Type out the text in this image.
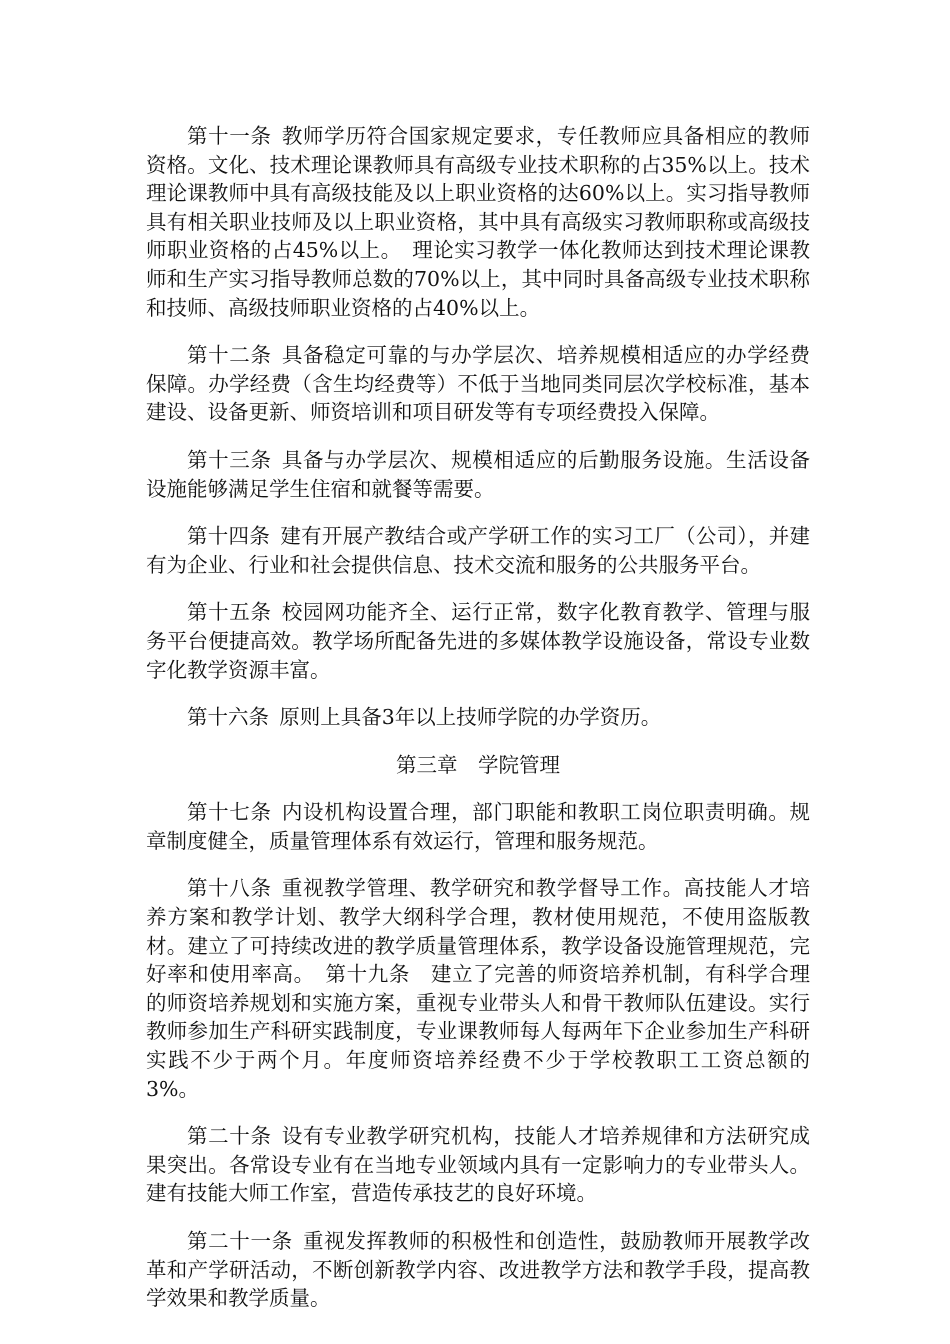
第十一条 教师学历符合国家规定要求，专任教师应具备相应的教师资格。文化、技术理论课教师具有高级专业技术职称的占35%以上。技术理论课教师中具有高级技能及以上职业资格的达60%以上。实习指导教师具有相关职业技师及以上职业资格，其中具有高级实习教师职称或高级技师职业资格的占45%以上。　理论实习教学一体化教师达到技术理论课教师和生产实习指导教师总数的70%以上，其中同时具备高级专业技术职称和技师、高级技师职业资格的占40%以上。

第十二条 具备稳定可靠的与办学层次、培养规模相适应的办学经费保障。办学经费（含生均经费等）不低于当地同类同层次学校标准，基本建设、设备更新、师资培训和项目研发等有专项经费投入保障。

第十三条 具备与办学层次、规模相适应的后勤服务设施。生活设备设施能够满足学生住宿和就餐等需要。

第十四条 建有开展产教结合或产学研工作的实习工厂（公司），并建有为企业、行业和社会提供信息、技术交流和服务的公共服务平台。

第十五条 校园网功能齐全、运行正常，数字化教育教学、管理与服务平台便捷高效。教学场所配备先进的多媒体教学设施设备，常设专业数字化教学资源丰富。

第十六条 原则上具备3年以上技师学院的办学资历。

第三章　学院管理

第十七条 内设机构设置合理，部门职能和教职工岗位职责明确。规章制度健全，质量管理体系有效运行，管理和服务规范。

第十八条 重视教学管理、教学研究和教学督导工作。高技能人才培养方案和教学计划、教学大纲科学合理，教材使用规范，不使用盗版教材。建立了可持续改进的教学质量管理体系，教学设备设施管理规范，完好率和使用率高。　第十九条　建立了完善的师资培养机制，有科学合理的师资培养规划和实施方案，重视专业带头人和骨干教师队伍建设。实行教师参加生产科研实践制度，专业课教师每人每两年下企业参加生产科研实践不少于两个月。年度师资培养经费不少于学校教职工工资总额的3%。

第二十条 设有专业教学研究机构，技能人才培养规律和方法研究成果突出。各常设专业有在当地专业领域内具有一定影响力的专业带头人。建有技能大师工作室，营造传承技艺的良好环境。

第二十一条 重视发挥教师的积极性和创造性，鼓励教师开展教学改革和产学研活动，不断创新教学内容、改进教学方法和教学手段，提高教学效果和教学质量。
